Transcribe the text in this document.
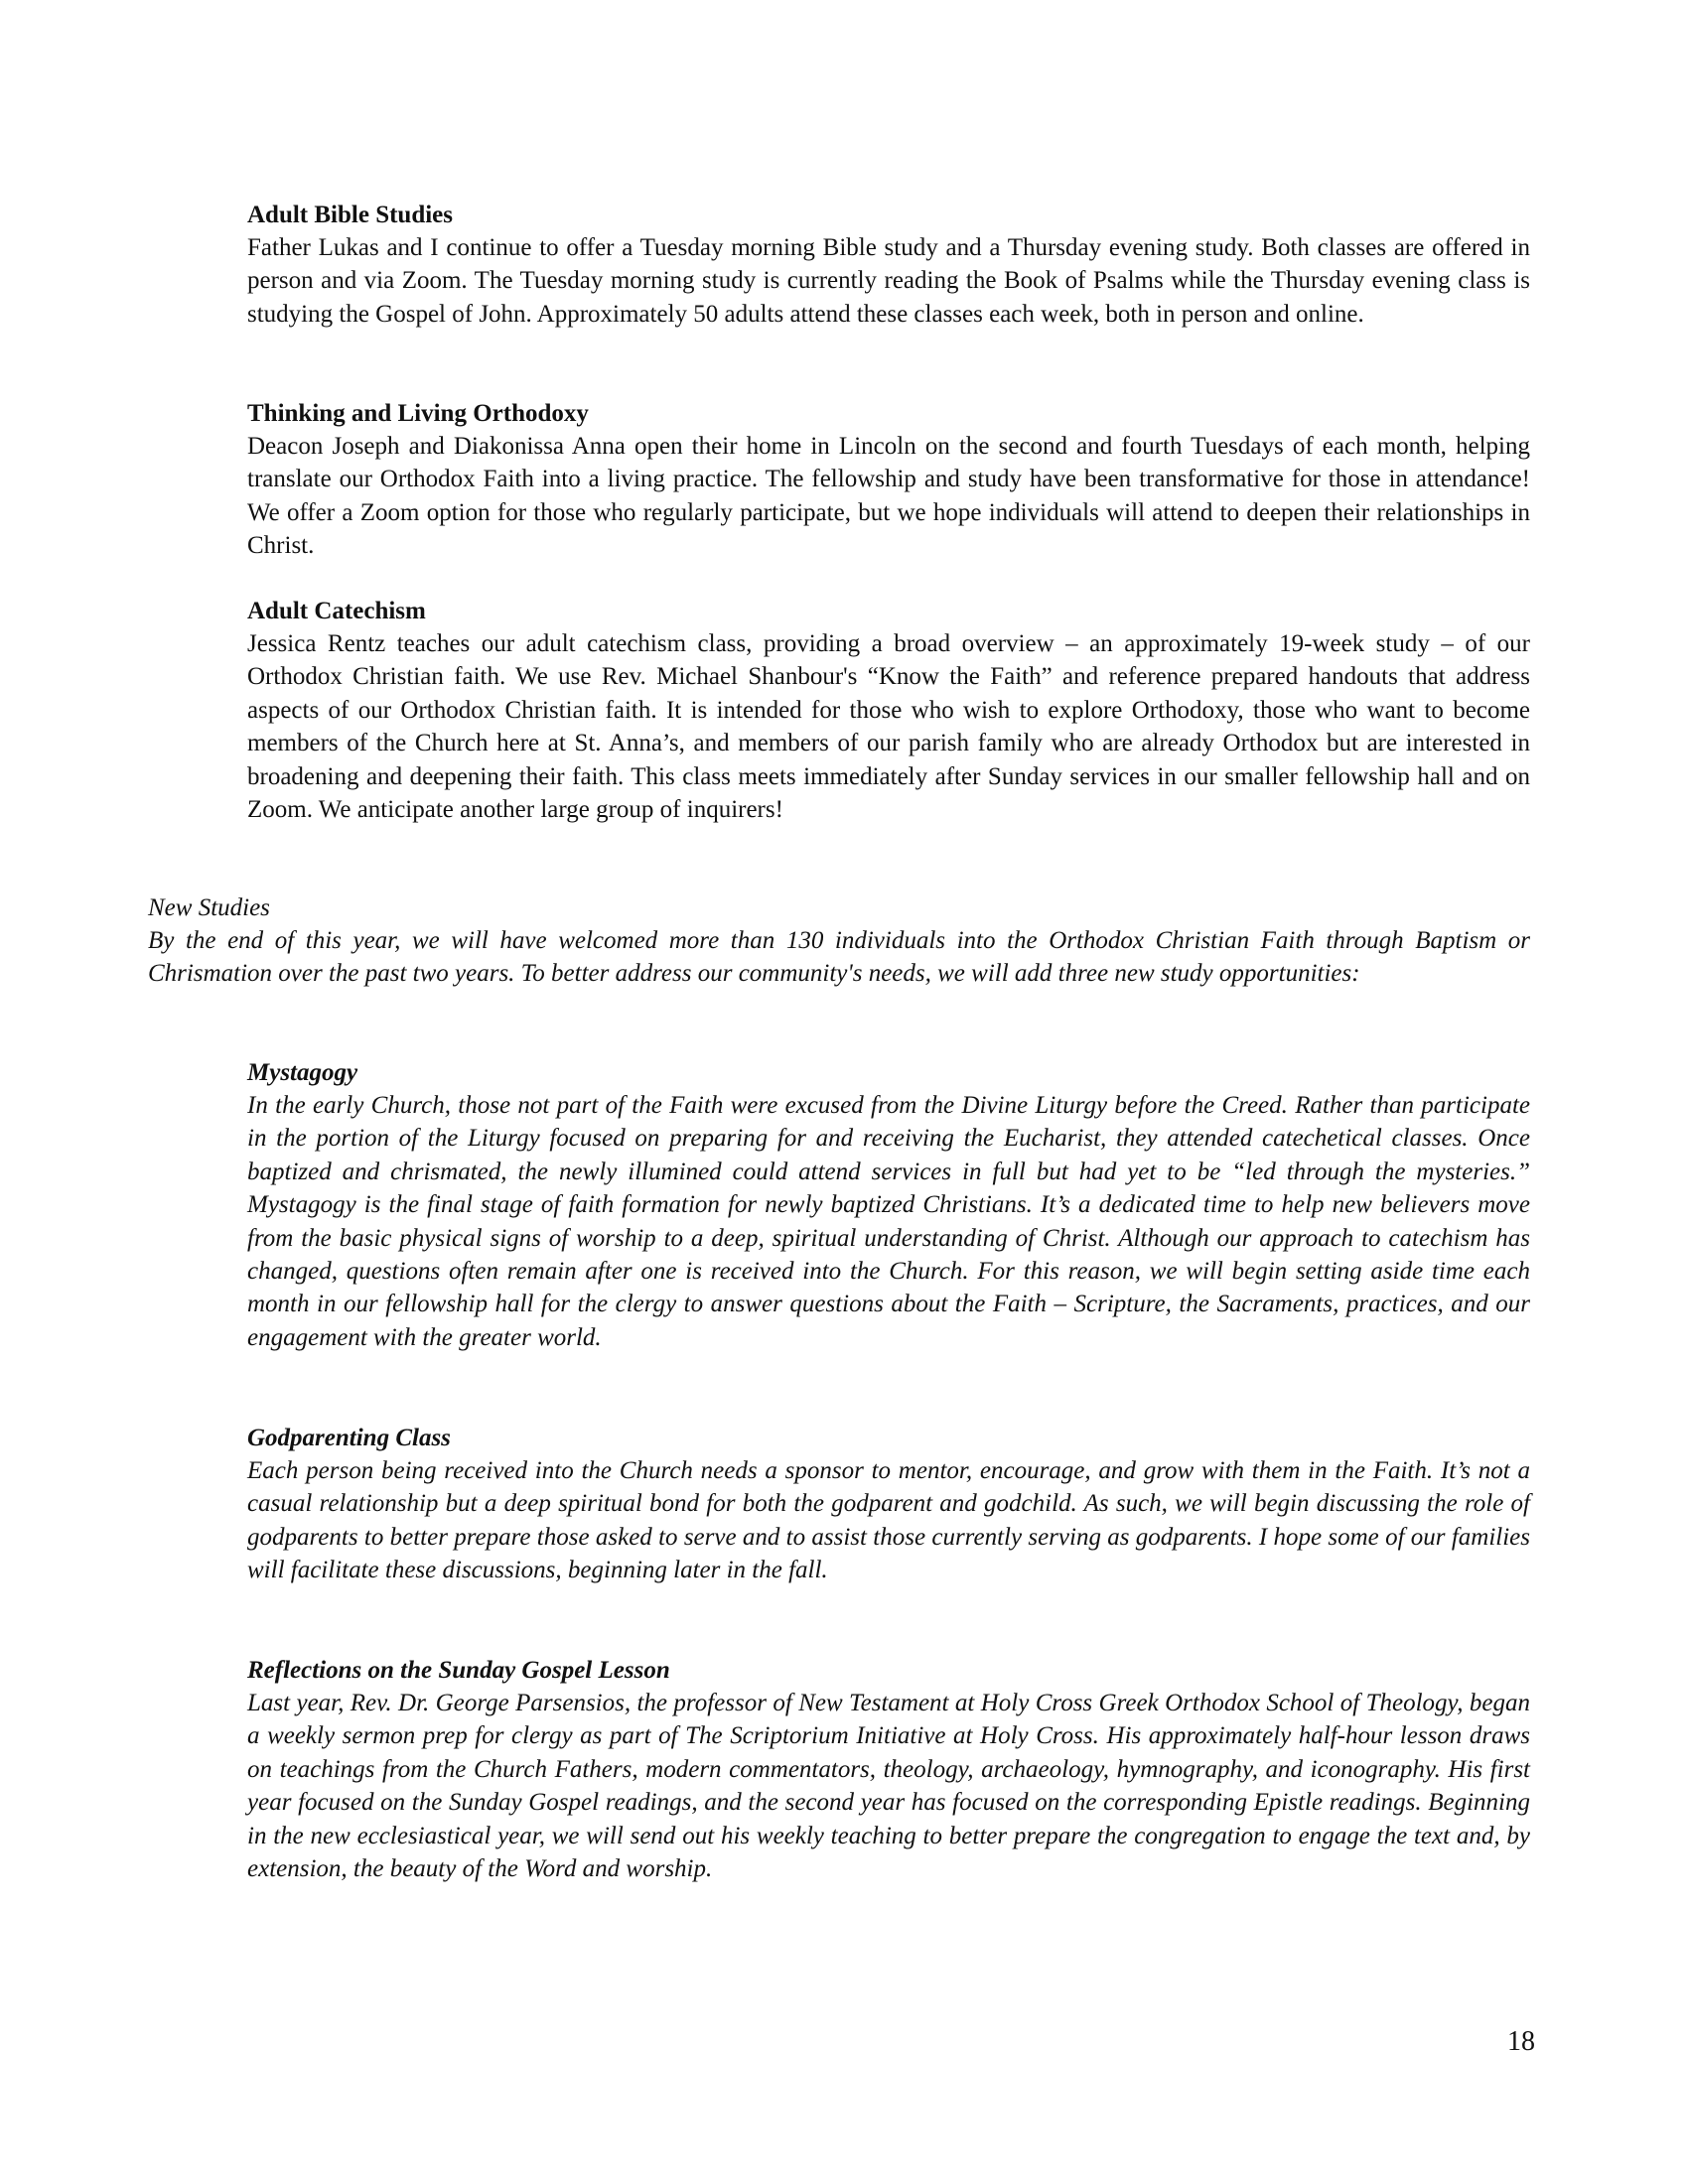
Adult Bible Studies

Father Lukas and I continue to offer a Tuesday morning Bible study and a Thursday evening study. Both classes are offered in person and via Zoom. The Tuesday morning study is currently reading the Book of Psalms while the Thursday evening class is studying the Gospel of John. Approximately 50 adults attend these classes each week, both in person and online.

Thinking and Living Orthodoxy

Deacon Joseph and Diakonissa Anna open their home in Lincoln on the second and fourth Tuesdays of each month, helping translate our Orthodox Faith into a living practice. The fellowship and study have been transformative for those in attendance! We offer a Zoom option for those who regularly participate, but we hope individuals will attend to deepen their relationships in Christ.

Adult Catechism

Jessica Rentz teaches our adult catechism class, providing a broad overview – an approximately 19-week study – of our Orthodox Christian faith. We use Rev. Michael Shanbour's “Know the Faith” and reference prepared handouts that address aspects of our Orthodox Christian faith. It is intended for those who wish to explore Orthodoxy, those who want to become members of the Church here at St. Anna’s, and members of our parish family who are already Orthodox but are interested in broadening and deepening their faith. This class meets immediately after Sunday services in our smaller fellowship hall and on Zoom. We anticipate another large group of inquirers!

New Studies

By the end of this year, we will have welcomed more than 130 individuals into the Orthodox Christian Faith through Baptism or Chrismation over the past two years. To better address our community's needs, we will add three new study opportunities:

Mystagogy

In the early Church, those not part of the Faith were excused from the Divine Liturgy before the Creed. Rather than participate in the portion of the Liturgy focused on preparing for and receiving the Eucharist, they attended catechetical classes. Once baptized and chrismated, the newly illumined could attend services in full but had yet to be “led through the mysteries.” Mystagogy is the final stage of faith formation for newly baptized Christians. It’s a dedicated time to help new believers move from the basic physical signs of worship to a deep, spiritual understanding of Christ. Although our approach to catechism has changed, questions often remain after one is received into the Church. For this reason, we will begin setting aside time each month in our fellowship hall for the clergy to answer questions about the Faith – Scripture, the Sacraments, practices, and our engagement with the greater world.

Godparenting Class

Each person being received into the Church needs a sponsor to mentor, encourage, and grow with them in the Faith. It’s not a casual relationship but a deep spiritual bond for both the godparent and godchild. As such, we will begin discussing the role of godparents to better prepare those asked to serve and to assist those currently serving as godparents. I hope some of our families will facilitate these discussions, beginning later in the fall.

Reflections on the Sunday Gospel Lesson

Last year, Rev. Dr. George Parsensios, the professor of New Testament at Holy Cross Greek Orthodox School of Theology, began a weekly sermon prep for clergy as part of The Scriptorium Initiative at Holy Cross. His approximately half-hour lesson draws on teachings from the Church Fathers, modern commentators, theology, archaeology, hymnography, and iconography. His first year focused on the Sunday Gospel readings, and the second year has focused on the corresponding Epistle readings. Beginning in the new ecclesiastical year, we will send out his weekly teaching to better prepare the congregation to engage the text and, by extension, the beauty of the Word and worship.

18
